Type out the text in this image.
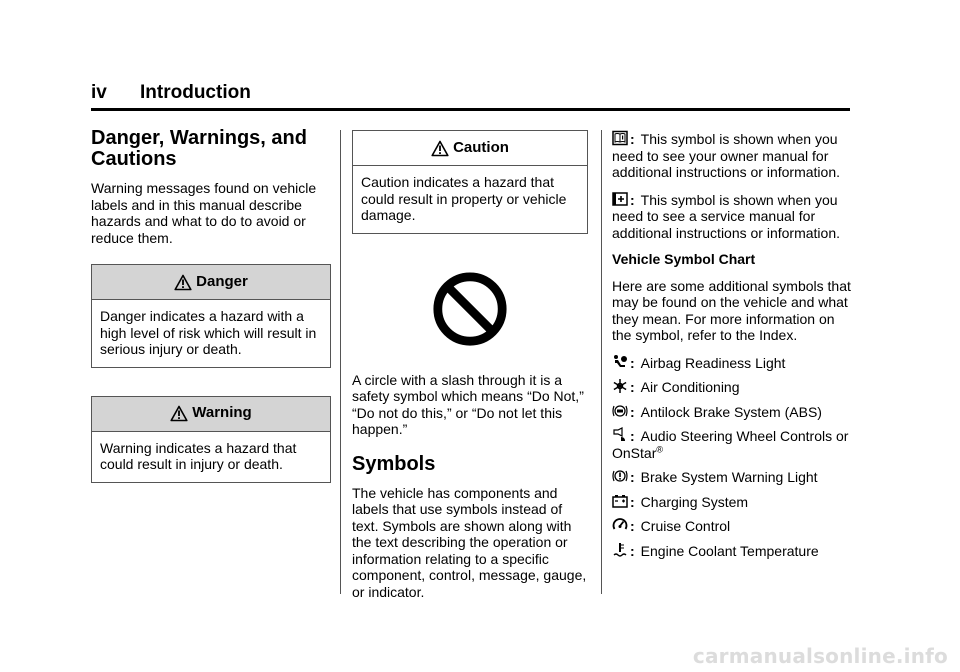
iv Introduction
Danger, Warnings, and Cautions

Warning messages found on vehicle labels and in this manual describe hazards and what to do to avoid or reduce them.

Danger
Danger indicates a hazard with a high level of risk which will result in serious injury or death.
Warning
Warning indicates a hazard that could result in injury or death.
Caution
Caution indicates a hazard that could result in property or vehicle damage.

A circle with a slash through it is a safety symbol which means “Do Not,” “Do not do this,” or “Do not let this happen.”

Symbols

The vehicle has components and labels that use symbols instead of text. Symbols are shown along with the text describing the operation or information relating to a specific component, control, message, gauge, or indicator.

: This symbol is shown when you need to see your owner manual for additional instructions or information.

: This symbol is shown when you need to see a service manual for additional instructions or information.

Vehicle Symbol Chart

Here are some additional symbols that may be found on the vehicle and what they mean. For more information on the symbol, refer to the Index.

: Airbag Readiness Light
: Air Conditioning
: Antilock Brake System (ABS)
: Audio Steering Wheel Controls or OnStar®
: Brake System Warning Light
: Charging System
: Cruise Control
: Engine Coolant Temperature
carmanualsonline.info
